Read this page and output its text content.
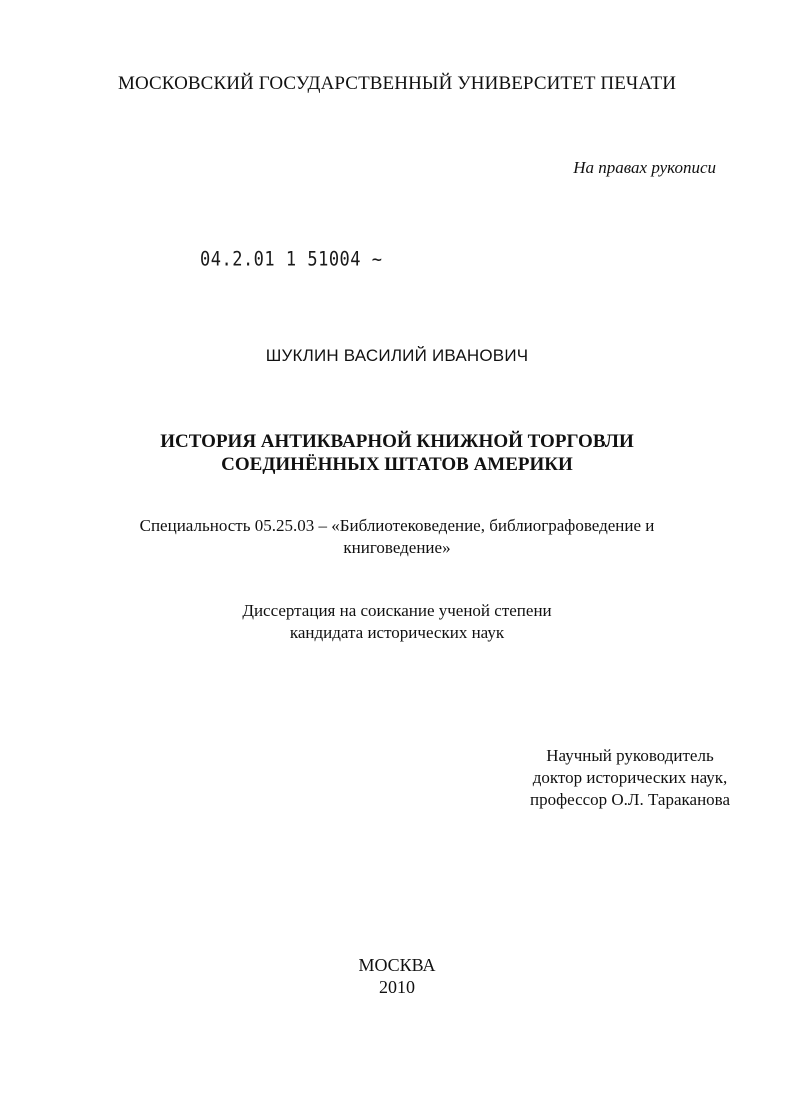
МОСКОВСКИЙ ГОСУДАРСТВЕННЫЙ УНИВЕРСИТЕТ ПЕЧАТИ
На правах рукописи
04.2.01 1 51004 ~
ШУКЛИН ВАСИЛИЙ ИВАНОВИЧ
ИСТОРИЯ АНТИКВАРНОЙ КНИЖНОЙ ТОРГОВЛИ
СОЕДИНЁННЫХ ШТАТОВ АМЕРИКИ
Специальность 05.25.03 – «Библиотековедение, библиографоведение и
книговедение»
Диссертация на соискание ученой степени
кандидата исторических наук
Научный руководитель
доктор исторических наук,
профессор О.Л. Тараканова
МОСКВА
2010
